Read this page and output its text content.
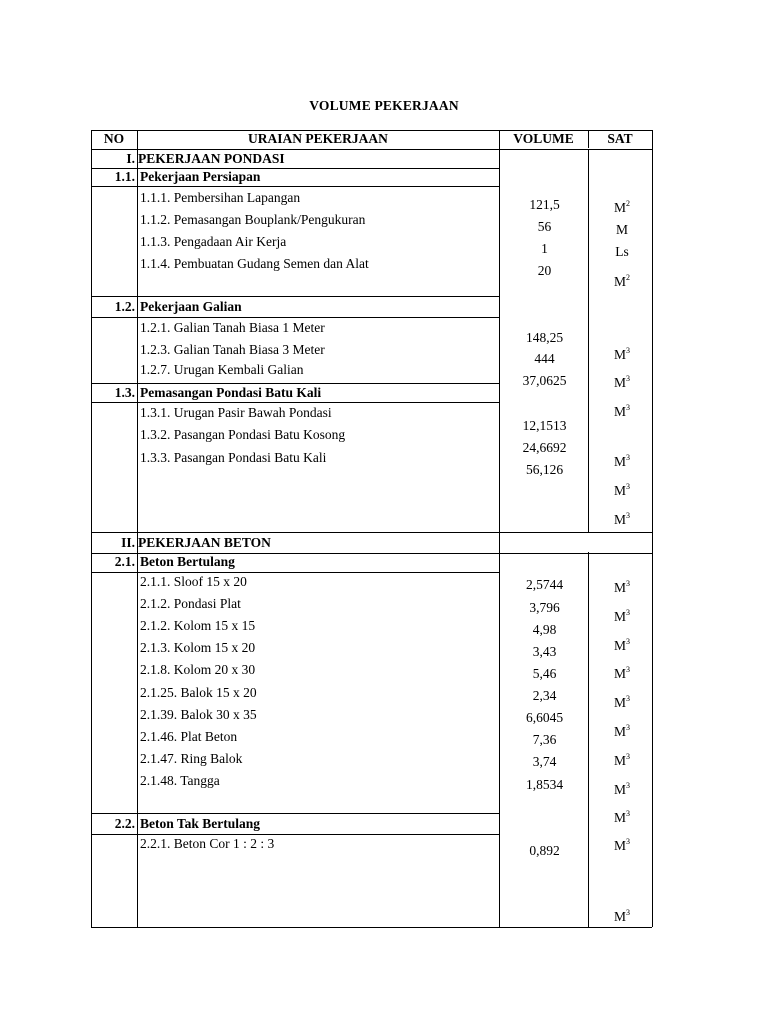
VOLUME PEKERJAAN
NO	URAIAN PEKERJAAN	VOLUME SAT
I. PEKERJAAN PONDASI
1.1. Pekerjaan Persiapan
1.1.1. Pembersihan Lapangan
1.1.2. Pemasangan Bouplank/Pengukuran
1.1.3. Pengadaan Air Kerja
1.1.4. Pembuatan Gudang Semen dan Alat
1.2. Pekerjaan Galian
1.2.1. Galian Tanah Biasa 1 Meter
1.2.3. Galian Tanah Biasa 3 Meter
1.2.7. Urugan Kembali Galian
1.3. Pemasangan Pondasi Batu Kali
1.3.1. Urugan Pasir Bawah Pondasi
1.3.2. Pasangan Pondasi Batu Kosong
1.3.3. Pasangan Pondasi Batu Kali
II. PEKERJAAN BETON
2.1. Beton Bertulang
2.1.1. Sloof 15 x 20
2.1.2. Pondasi Plat
2.1.2. Kolom 15 x 15
2.1.3. Kolom 15 x 20
2.1.8. Kolom 20 x 30
2.1.25. Balok 15 x 20
2.1.39. Balok 30 x 35
2.1.46. Plat Beton
2.1.47. Ring Balok
2.1.48. Tangga
2.2. Beton Tak Bertulang
2.2.1. Beton Cor 1 : 2 : 3
121,5
56
1
20
148,25
444
37,0625
12,1513
24,6692
56,126
2,5744
3,796
4,98
3,43
5,46
2,34
6,6045
7,36
3,74
1,8534
0,892
$M^2$
M
Ls
$M^2$
$M^3$
$M^3$
$M^3$
$M^3$
$M^3$
$M^3$
$M^3$
$M^3$
$M^3$
$M^3$
$M^3$
$M^3$
$M^3$
$M^3$
$M^3$
$M^3$
$M^3$
